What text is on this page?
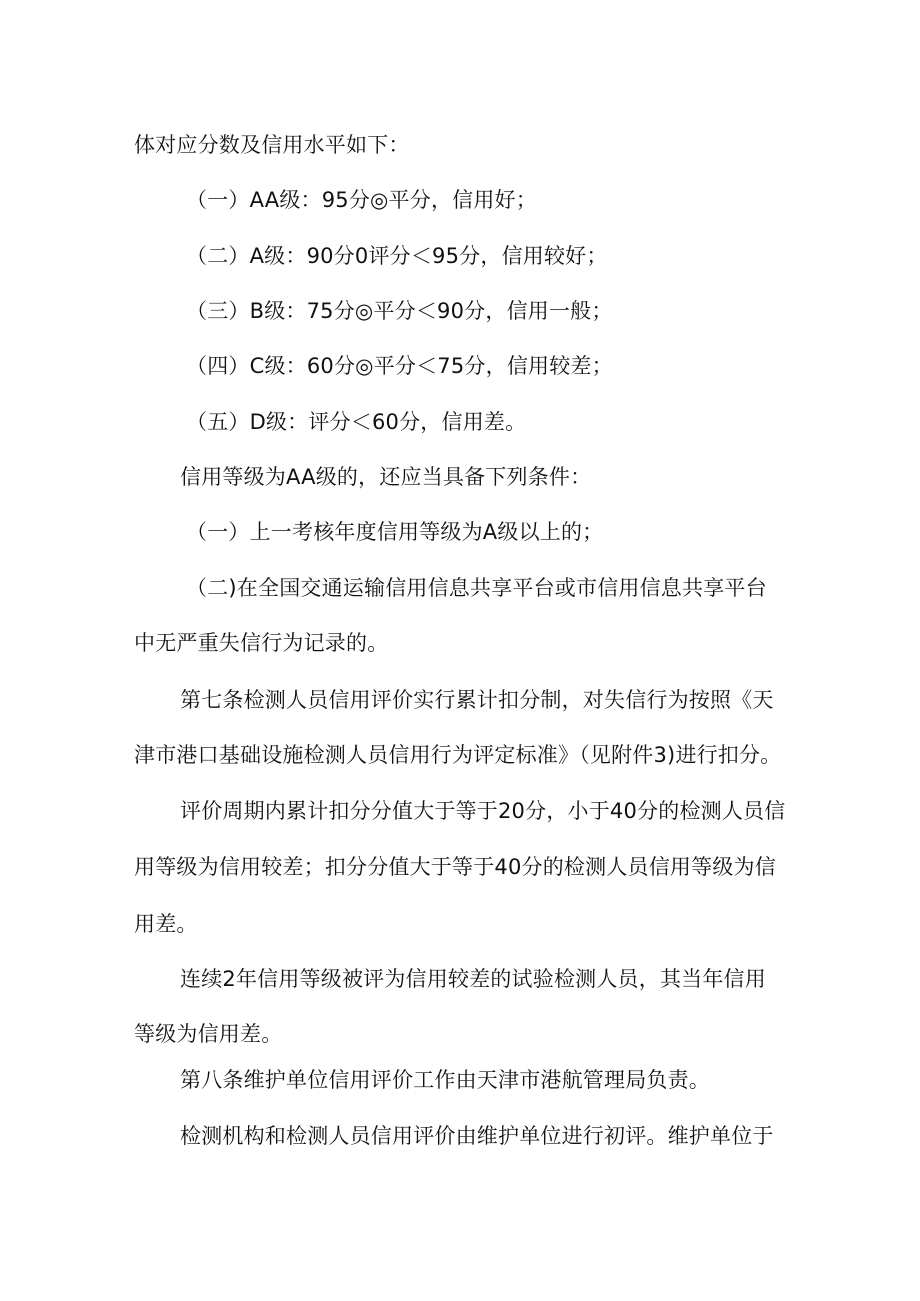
体对应分数及信用水平如下：
（一）AA级：95分◎平分，信用好；
（二）A级：90分0评分＜95分，信用较好；
（三）B级：75分◎平分＜90分，信用一般；
（四）C级：60分◎平分＜75分，信用较差；
（五）D级：评分＜60分，信用差。
信用等级为AA级的，还应当具备下列条件：
（一）上一考核年度信用等级为A级以上的；
（二)在全国交通运输信用信息共享平台或市信用信息共享平台
中无严重失信行为记录的。
第七条检测人员信用评价实行累计扣分制，对失信行为按照《天
津市港口基础设施检测人员信用行为评定标准》（见附件3)进行扣分。
评价周期内累计扣分分值大于等于20分，小于40分的检测人员信
用等级为信用较差；扣分分值大于等于40分的检测人员信用等级为信
用差。
连续2年信用等级被评为信用较差的试验检测人员，其当年信用
等级为信用差。
第八条维护单位信用评价工作由天津市港航管理局负责。
检测机构和检测人员信用评价由维护单位进行初评。维护单位于
